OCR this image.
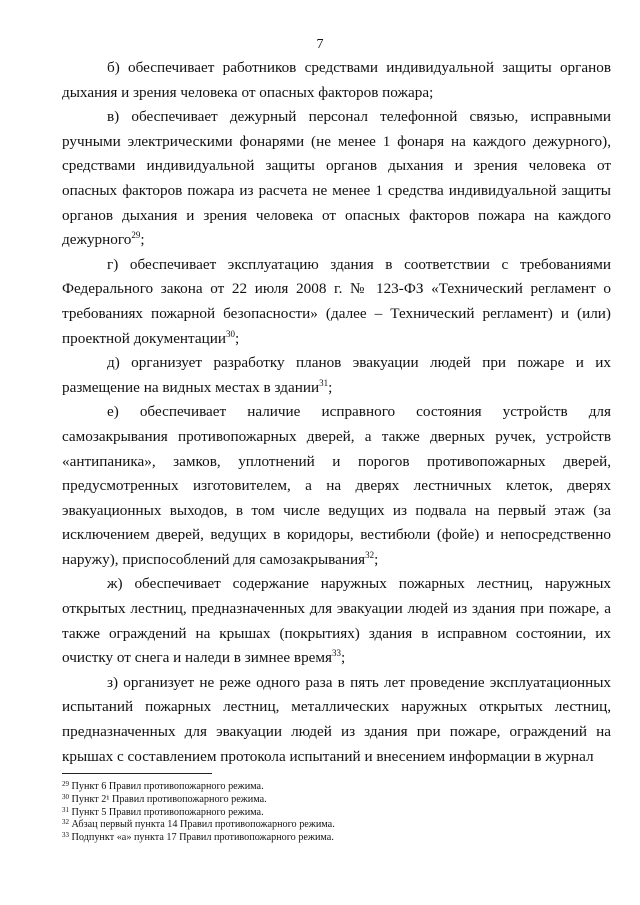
7

б) обеспечивает работников средствами индивидуальной защиты органов дыхания и зрения человека от опасных факторов пожара;

в) обеспечивает дежурный персонал телефонной связью, исправными ручными электрическими фонарями (не менее 1 фонаря на каждого дежурного), средствами индивидуальной защиты органов дыхания и зрения человека от опасных факторов пожара из расчета не менее 1 средства индивидуальной защиты органов дыхания и зрения человека от опасных факторов пожара на каждого дежурного$^{29}$;

г) обеспечивает эксплуатацию здания в соответствии с требованиями Федерального закона от 22 июля 2008 г. № 123-ФЗ «Технический регламент о требованиях пожарной безопасности» (далее – Технический регламент) и (или) проектной документации$^{30}$;

д) организует разработку планов эвакуации людей при пожаре и их размещение на видных местах в здании$^{31}$;

е) обеспечивает наличие исправного состояния устройств для самозакрывания противопожарных дверей, а также дверных ручек, устройств «антипаника», замков, уплотнений и порогов противопожарных дверей, предусмотренных изготовителем, а на дверях лестничных клеток, дверях эвакуационных выходов, в том числе ведущих из подвала на первый этаж (за исключением дверей, ведущих в коридоры, вестибюли (фойе) и непосредственно наружу), приспособлений для самозакрывания$^{32}$;

ж) обеспечивает содержание наружных пожарных лестниц, наружных открытых лестниц, предназначенных для эвакуации людей из здания при пожаре, а также ограждений на крышах (покрытиях) здания в исправном состоянии, их очистку от снега и наледи в зимнее время$^{33}$;

з) организует не реже одного раза в пять лет проведение эксплуатационных испытаний пожарных лестниц, металлических наружных открытых лестниц, предназначенных для эвакуации людей из здания при пожаре, ограждений на крышах с составлением протокола испытаний и внесением информации в журнал

$^{29}$ Пункт 6 Правил противопожарного режима.

$^{30}$ Пункт 2¹ Правил противопожарного режима.

$^{31}$ Пункт 5 Правил противопожарного режима.

$^{32}$ Абзац первый пункта 14 Правил противопожарного режима.

$^{33}$ Подпункт «а» пункта 17 Правил противопожарного режима.
